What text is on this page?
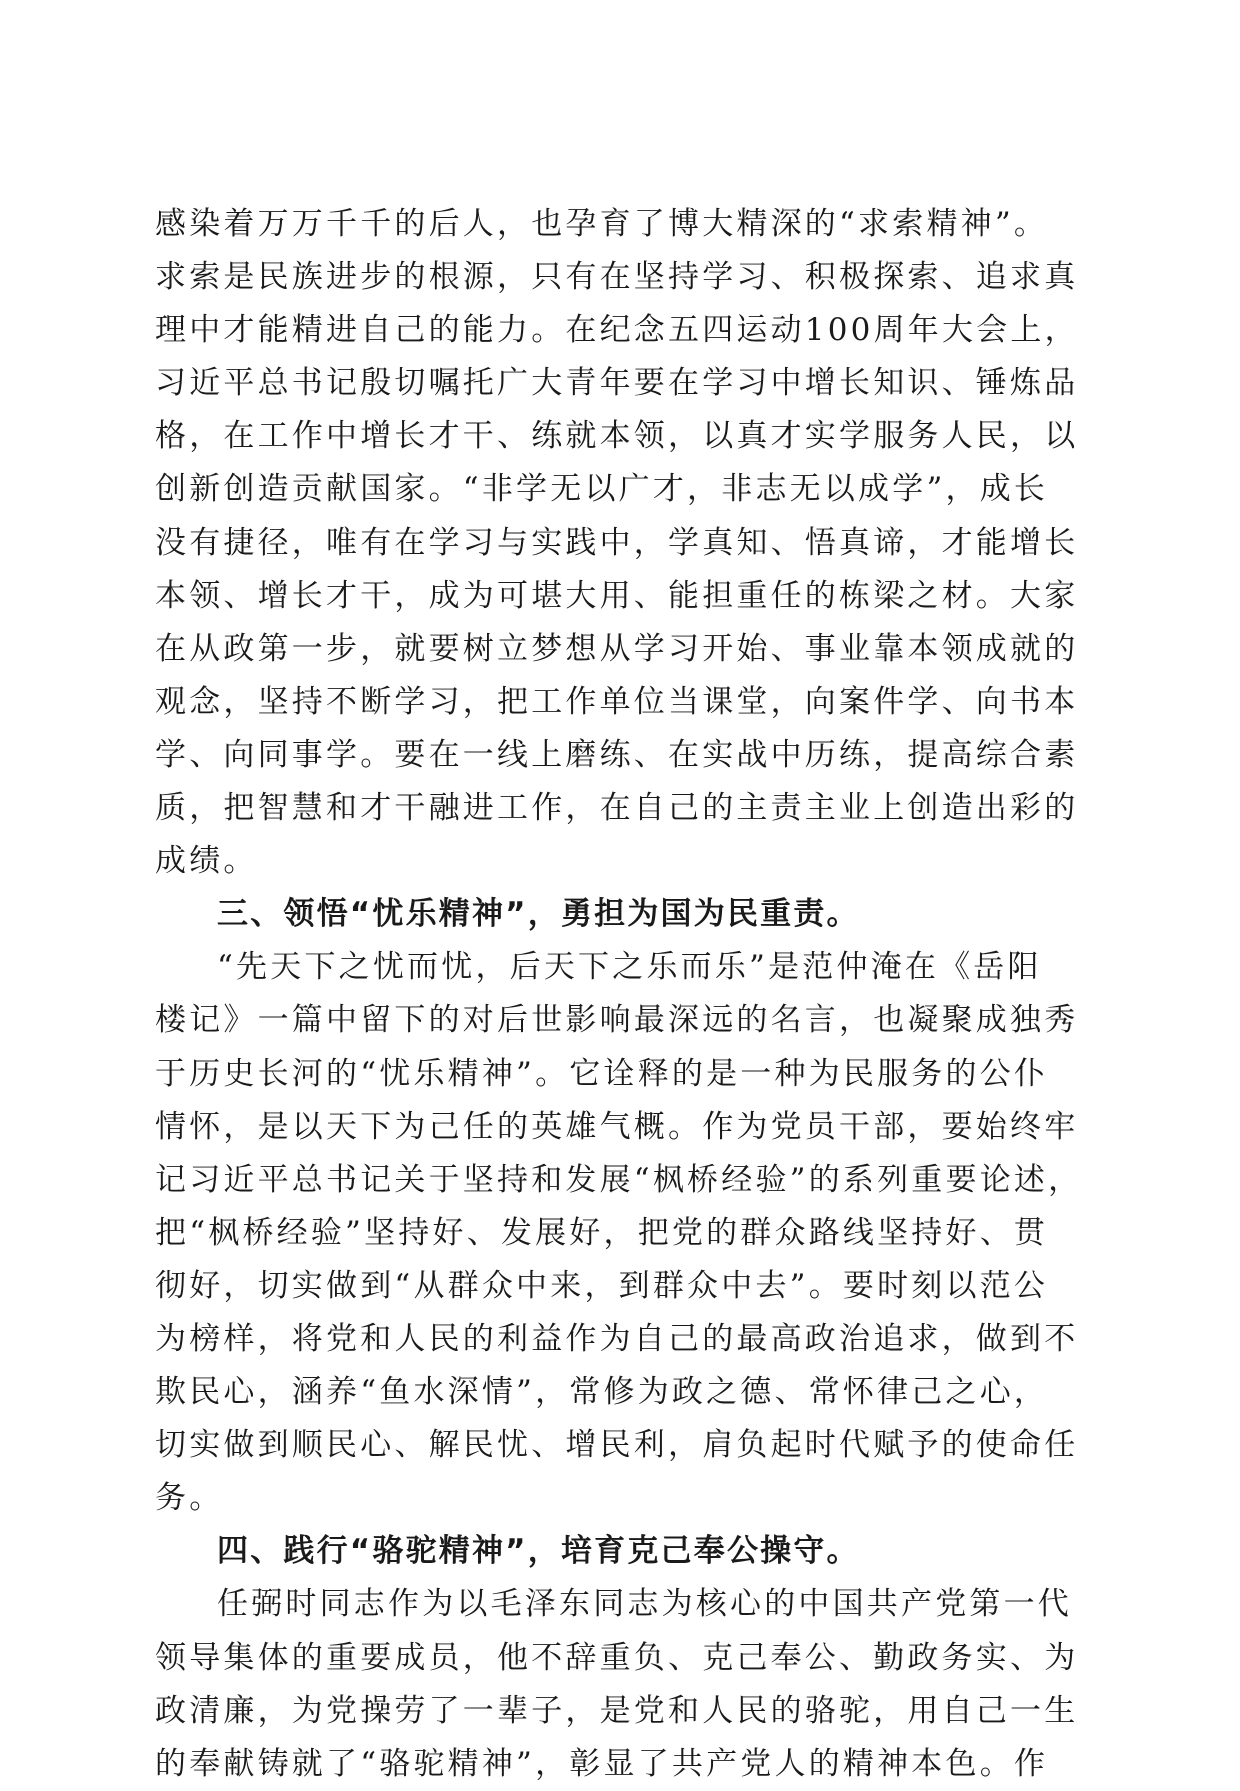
感染着万万千千的后人，也孕育了博大精深的“求索精神”。
求索是民族进步的根源，只有在坚持学习、积极探索、追求真
理中才能精进自己的能力。在纪念五四运动100周年大会上，
习近平总书记殷切嘱托广大青年要在学习中增长知识、锤炼品
格，在工作中增长才干、练就本领，以真才实学服务人民，以
创新创造贡献国家。“非学无以广才，非志无以成学”，成长
没有捷径，唯有在学习与实践中，学真知、悟真谛，才能增长
本领、增长才干，成为可堪大用、能担重任的栋梁之材。大家
在从政第一步，就要树立梦想从学习开始、事业靠本领成就的
观念，坚持不断学习，把工作单位当课堂，向案件学、向书本
学、向同事学。要在一线上磨练、在实战中历练，提高综合素
质，把智慧和才干融进工作，在自己的主责主业上创造出彩的
成绩。
三、领悟“忧乐精神”，勇担为国为民重责。
“先天下之忧而忧，后天下之乐而乐”是范仲淹在《岳阳
楼记》一篇中留下的对后世影响最深远的名言，也凝聚成独秀
于历史长河的“忧乐精神”。它诠释的是一种为民服务的公仆
情怀，是以天下为己任的英雄气概。作为党员干部，要始终牢
记习近平总书记关于坚持和发展“枫桥经验”的系列重要论述，
把“枫桥经验”坚持好、发展好，把党的群众路线坚持好、贯
彻好，切实做到“从群众中来，到群众中去”。要时刻以范公
为榜样，将党和人民的利益作为自己的最高政治追求，做到不
欺民心，涵养“鱼水深情”，常修为政之德、常怀律己之心，
切实做到顺民心、解民忧、增民利，肩负起时代赋予的使命任
务。
四、践行“骆驼精神”，培育克己奉公操守。
任弼时同志作为以毛泽东同志为核心的中国共产党第一代
领导集体的重要成员，他不辞重负、克己奉公、勤政务实、为
政清廉，为党操劳了一辈子，是党和人民的骆驼，用自己一生
的奉献铸就了“骆驼精神”，彰显了共产党人的精神本色。作
